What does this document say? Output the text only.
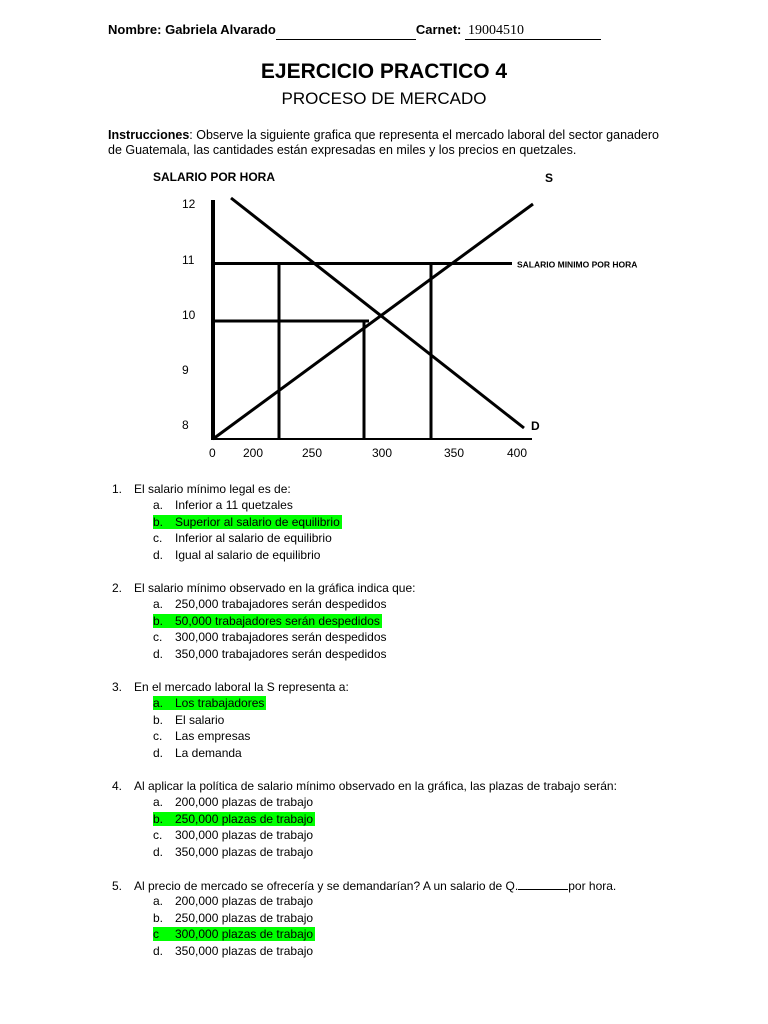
Nombre: Gabriela Alvarado	Carnet: 19004510
EJERCICIO PRACTICO 4
PROCESO DE MERCADO
Instrucciones: Observe la siguiente grafica que representa el mercado laboral del sector ganadero de Guatemala, las cantidades están expresadas en miles y los precios en quetzales.
SALARIO POR HORA
SALARIO MINIMO POR HORA
S
D
8
9
10
11
12
0 200	250	300	350	400
1. El salario mínimo legal es de:
a. Inferior a 11 quetzales
b. Superior al salario de equilibrio
c. Inferior al salario de equilibrio
d. Igual al salario de equilibrio
2. El salario mínimo observado en la gráfica indica que:
a. 250,000 trabajadores serán despedidos
b. 50,000 trabajadores serán despedidos
c. 300,000 trabajadores serán despedidos
d. 350,000 trabajadores serán despedidos
3. En el mercado laboral la S representa a:
a. Los trabajadores
b. El salario
c. Las empresas
d. La demanda
4. Al aplicar la política de salario mínimo observado en la gráfica, las plazas de trabajo serán:
a. 200,000 plazas de trabajo
b. 250,000 plazas de trabajo
c. 300,000 plazas de trabajo
d. 350,000 plazas de trabajo
5. Al precio de mercado se ofrecería y se demandarían? A un salario de Q.	por hora.
a. 200,000 plazas de trabajo
b. 250,000 plazas de trabajo
c 300,000 plazas de trabajo
d. 350,000 plazas de trabajo
